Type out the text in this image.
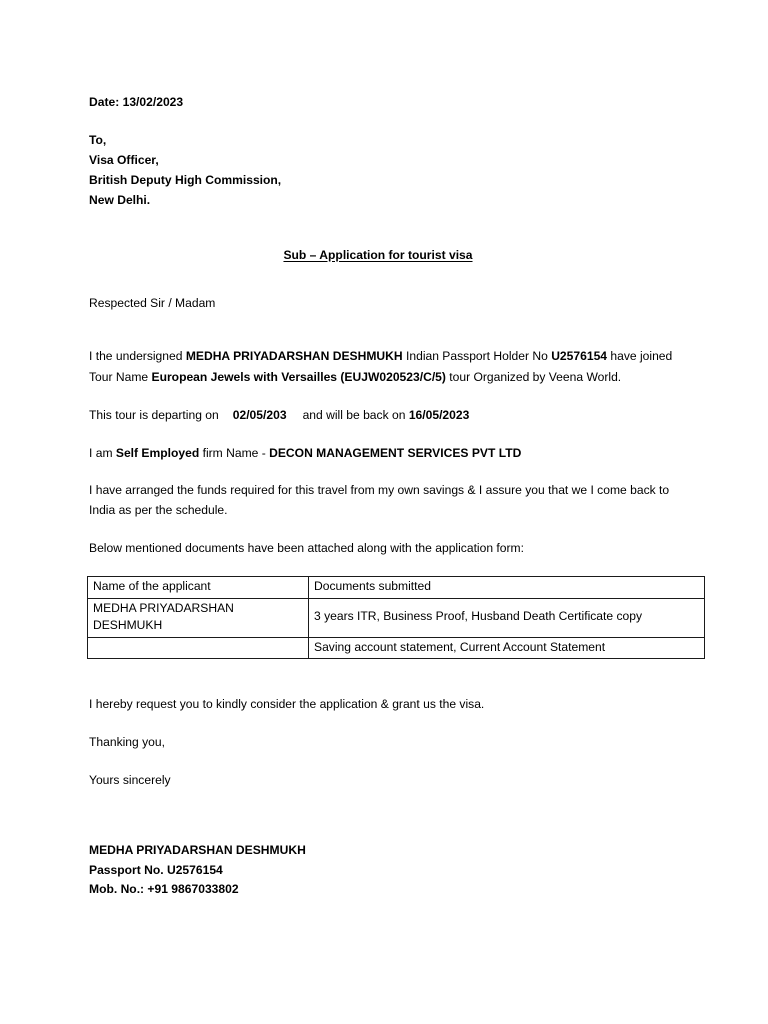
Date: 13/02/2023

To,
Visa Officer,
British Deputy High Commission,
New Delhi.

Sub – Application for tourist visa

Respected Sir / Madam

I the undersigned MEDHA PRIYADARSHAN DESHMUKH Indian Passport Holder No U2576154 have joined Tour Name European Jewels with Versailles (EUJW020523/C/5) tour Organized by Veena World.

This tour is departing on 02/05/203 and will be back on 16/05/2023

I am Self Employed firm Name - DECON MANAGEMENT SERVICES PVT LTD

I have arranged the funds required for this travel from my own savings & I assure you that we I come back to India as per the schedule.

Below mentioned documents have been attached along with the application form:

Name of the applicant	Documents submitted
MEDHA PRIYADARSHAN DESHMUKH	3 years ITR, Business Proof, Husband Death Certificate copy
	Saving account statement, Current Account Statement

I hereby request you to kindly consider the application & grant us the visa.

Thanking you,

Yours sincerely

MEDHA PRIYADARSHAN DESHMUKH
Passport No. U2576154
Mob. No.: +91 9867033802
